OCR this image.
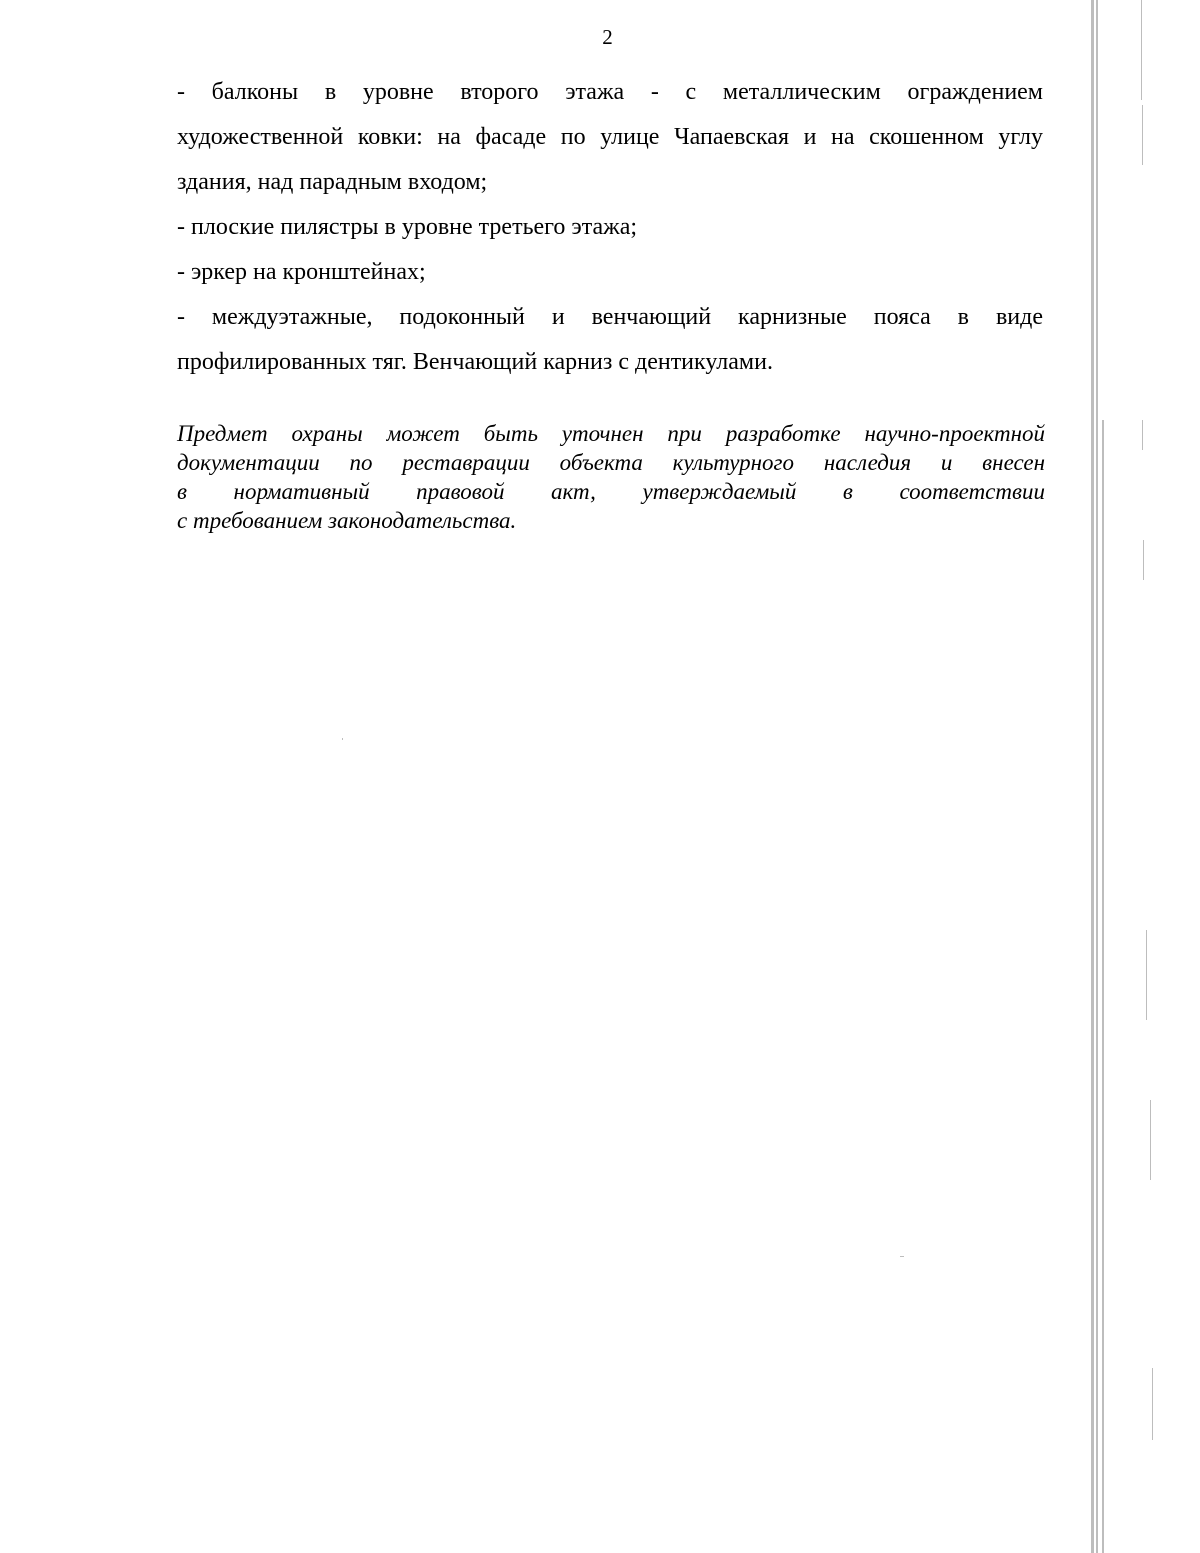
2
- балконы в уровне второго этажа - с металлическим ограждением
художественной ковки: на фасаде по улице Чапаевская и на скошенном углу
здания, над парадным входом;
- плоские пилястры в уровне третьего этажа;
- эркер на кронштейнах;
- междуэтажные, подоконный и венчающий карнизные пояса в виде
профилированных тяг. Венчающий карниз с дентикулами.
Предмет охраны может быть уточнен при разработке научно-проектной
документации по реставрации объекта культурного наследия и внесен
в нормативный правовой акт, утверждаемый в соответствии
с требованием законодательства.
